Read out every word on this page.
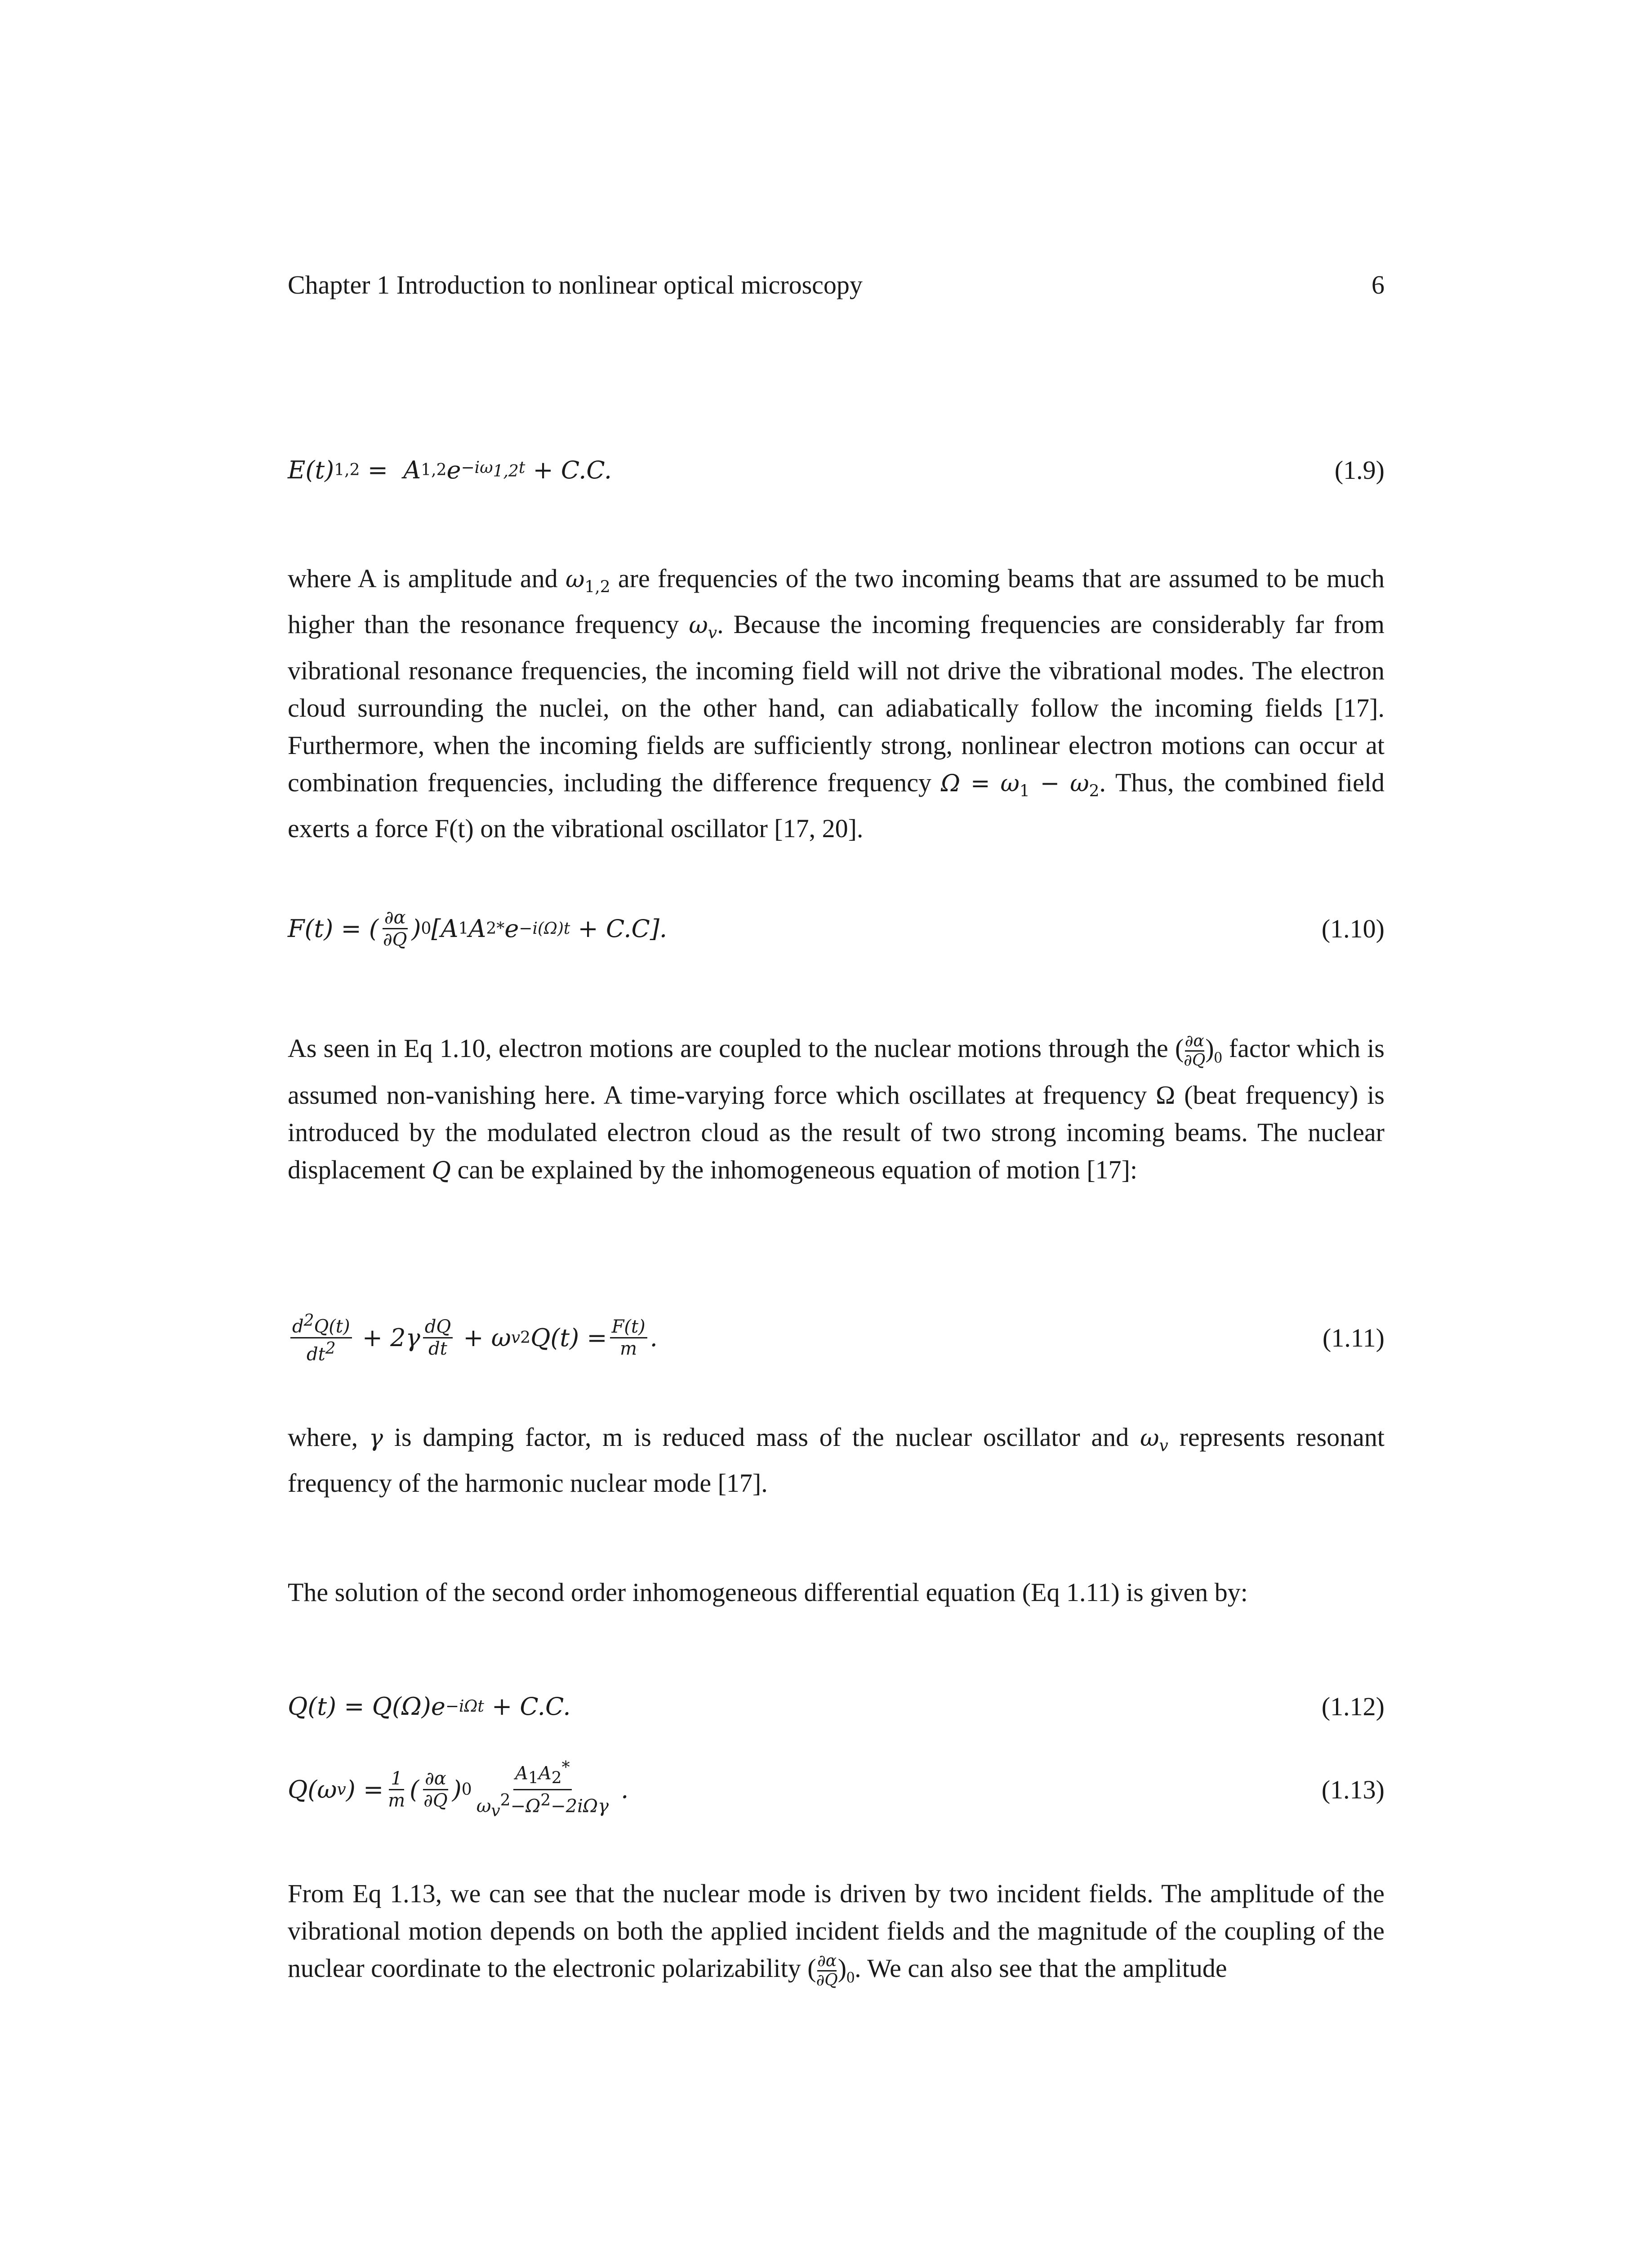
Chapter 1 Introduction to nonlinear optical microscopy	6
E(t) 1,2 =  A 1,2 $e -i\omega_{1,2}t + C.C$.	(1.9)

where A is amplitude and $\omega_{1,2}$ are frequencies of the two incoming beams that are assumed to be much higher than the resonance frequency $\omega_v$. Because the incoming frequencies are considerably far from vibrational resonance frequencies, the incoming field will not drive the vibrational modes. The electron cloud surrounding the nuclei, on the other hand, can adiabatically follow the incoming fields [17]. Furthermore, when the incoming fields are sufficiently strong, nonlinear electron motions can occur at combination frequencies, including the difference frequency $\Omega = \omega_1 - \omega_2$. Thus, the combined field exerts a force F(t) on the vibrational oscillator [17, 20].

F(t) = ( $\frac{\partial\alpha}{\partial Q}$ ) 0 [A 1 A 2 * e −i(Ω)t + C.C].	(1.10)

As seen in Eq 1.10, electron motions are coupled to the nuclear motions through the ( $\frac{\partial\alpha}{\partial Q} )_0$ factor which is assumed non-vanishing here. A time-varying force which oscillates at frequency Ω (beat frequency) is introduced by the modulated electron cloud as the result of two strong incoming beams. The nuclear displacement Q can be explained by the inhomogeneous equation of motion [17]:

$\frac{d^2Q(t)}{dt^2} + 2\gamma \frac{dQ}{dt} + \omega$ v 2 $Q(t) = \frac{F(t)}{m}$ .	(1.11)

where, γ is damping factor, m is reduced mass of the nuclear oscillator and $\omega_v$ represents resonant frequency of the harmonic nuclear mode [17].

The solution of the second order inhomogeneous differential equation (Eq 1.11) is given by:

Q(t) = Q(Ω)e −iΩt + C.C.	(1.12)
Q(ω v ) = $\frac{1}{m}$ ( $\frac{\partial\alpha}{\partial Q}$ ) $0 \frac{A_1A_2^*}{\omega_v^2-\Omega^2-2i\Omega\gamma}$ .	(1.13)

From Eq 1.13, we can see that the nuclear mode is driven by two incident fields. The amplitude of the vibrational motion depends on both the applied incident fields and the magnitude of the coupling of the nuclear coordinate to the electronic polarizability ( $\frac{\partial\alpha}{\partial Q} )_0$. We can also see that the amplitude
